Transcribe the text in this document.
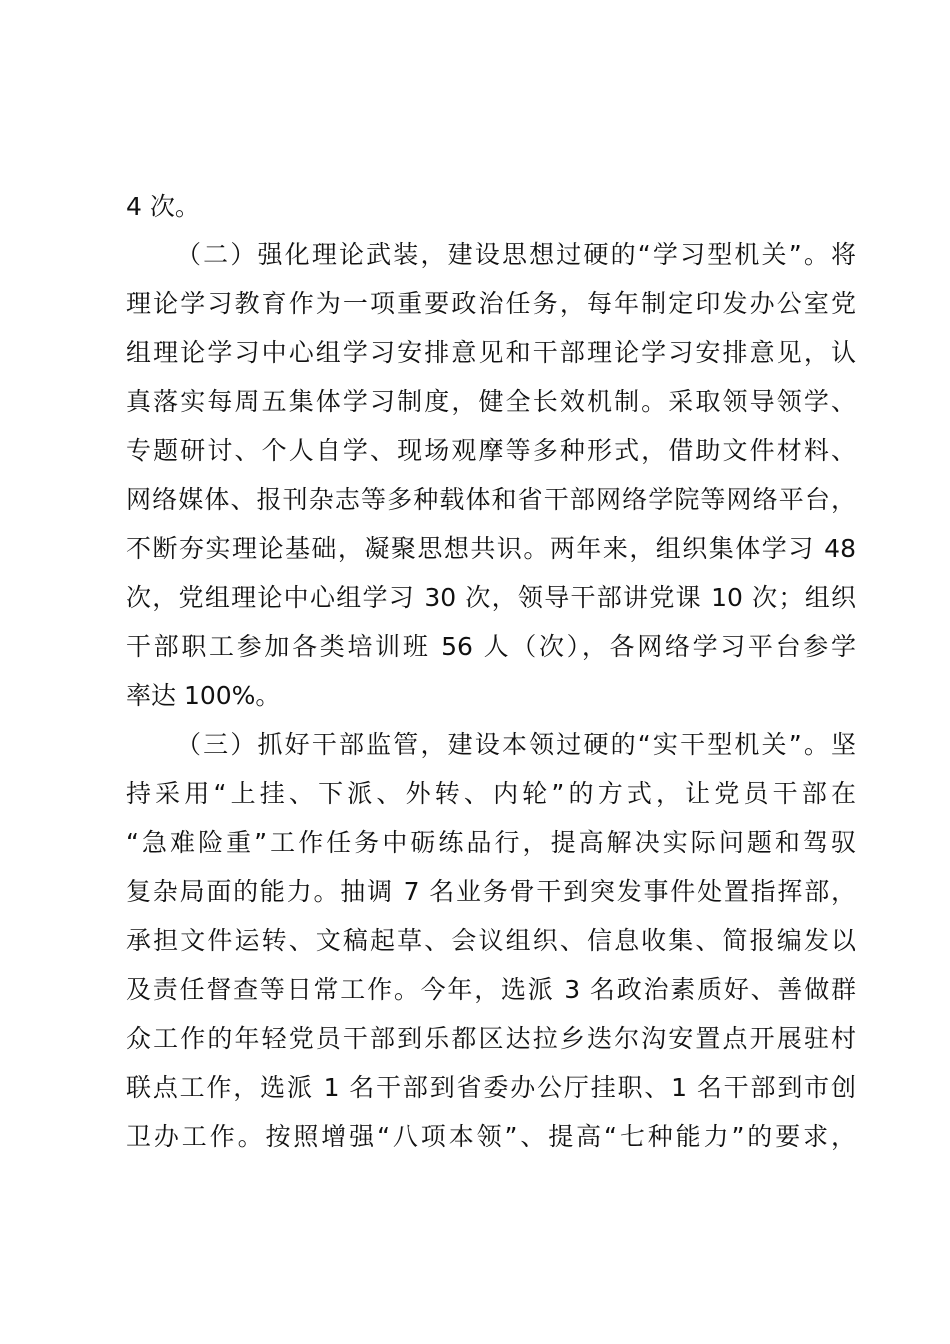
4 次。
（二）强化理论武装，建设思想过硬的“学习型机关”。将
理论学习教育作为一项重要政治任务，每年制定印发办公室党
组理论学习中心组学习安排意见和干部理论学习安排意见，认
真落实每周五集体学习制度，健全长效机制。采取领导领学、
专题研讨、个人自学、现场观摩等多种形式，借助文件材料、
网络媒体、报刊杂志等多种载体和省干部网络学院等网络平台，
不断夯实理论基础，凝聚思想共识。两年来，组织集体学习 48
次，党组理论中心组学习 30 次，领导干部讲党课 10 次；组织
干部职工参加各类培训班 56 人（次），各网络学习平台参学
率达 100%。
（三）抓好干部监管，建设本领过硬的“实干型机关”。坚
持采用“上挂、下派、外转、内轮”的方式，让党员干部在
“急难险重”工作任务中砺练品行，提高解决实际问题和驾驭
复杂局面的能力。抽调 7 名业务骨干到突发事件处置指挥部，
承担文件运转、文稿起草、会议组织、信息收集、简报编发以
及责任督查等日常工作。今年，选派 3 名政治素质好、善做群
众工作的年轻党员干部到乐都区达拉乡迭尔沟安置点开展驻村
联点工作，选派 1 名干部到省委办公厅挂职、1 名干部到市创
卫办工作。按照增强“八项本领”、提高“七种能力”的要求，
